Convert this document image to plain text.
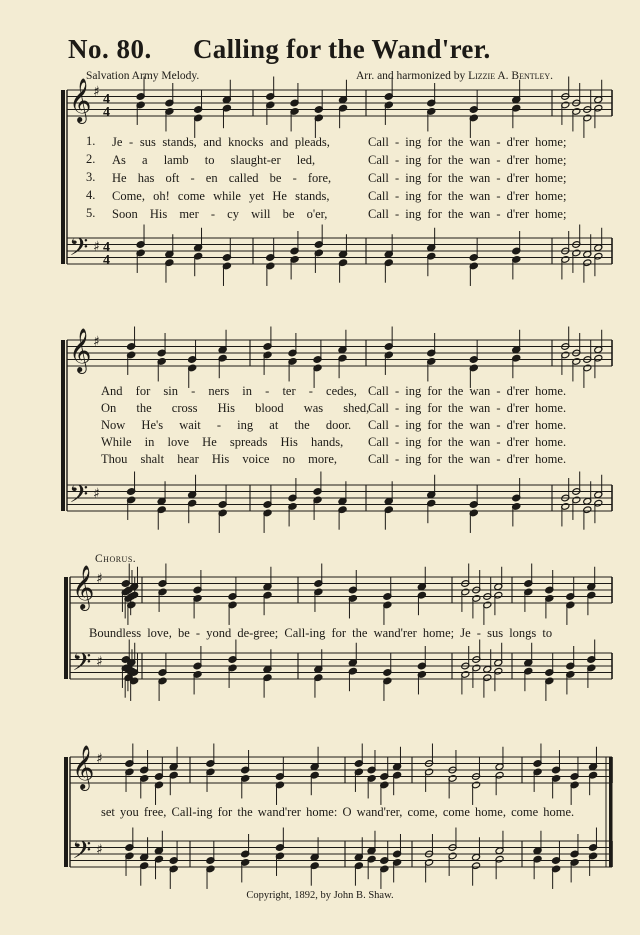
No. 80. Calling for the Wand'rer.
Salvation Army Melody.	Arr. and harmonized by Lizzie A. Bentley.
𝄞
𝄢
♯
♯
4
4
4
4
𝄞
𝄢
♯
♯
𝄞
𝄢
♯
♯
𝄞
𝄢
♯
♯
1. Je - sus stands, and knocks and pleads,	Call - ing for the wan - d'rer home;
2. As a lamb to slaught-er led,	Call - ing for the wan - d'rer home;
3. He has oft - en called be - fore,	Call - ing for the wan - d'rer home;
4. Come, oh! come while yet He stands,	Call - ing for the wan - d'rer home;
5. Soon His mer - cy will be o'er,	Call - ing for the wan - d'rer home;
And for sin - ners in - ter - cedes, Call - ing for the wan - d'rer home.
On the cross His blood was shed,
Call - ing for the wan - d'rer home.
Now He's wait - ing at the door. Call - ing for the wan - d'rer home.
While in love He spreads His hands, Call - ing for the wan - d'rer home.
Thou shalt hear His voice no more, Call - ing for the wan - d'rer home.
Chorus.
Boundless love, be - yond de-gree; Call-ing for the wand'rer home; Je - sus longs to
set you free, Call-ing for the wand'rer home: O wand'rer, come, come home, come home.
Copyright, 1892, by John B. Shaw.
